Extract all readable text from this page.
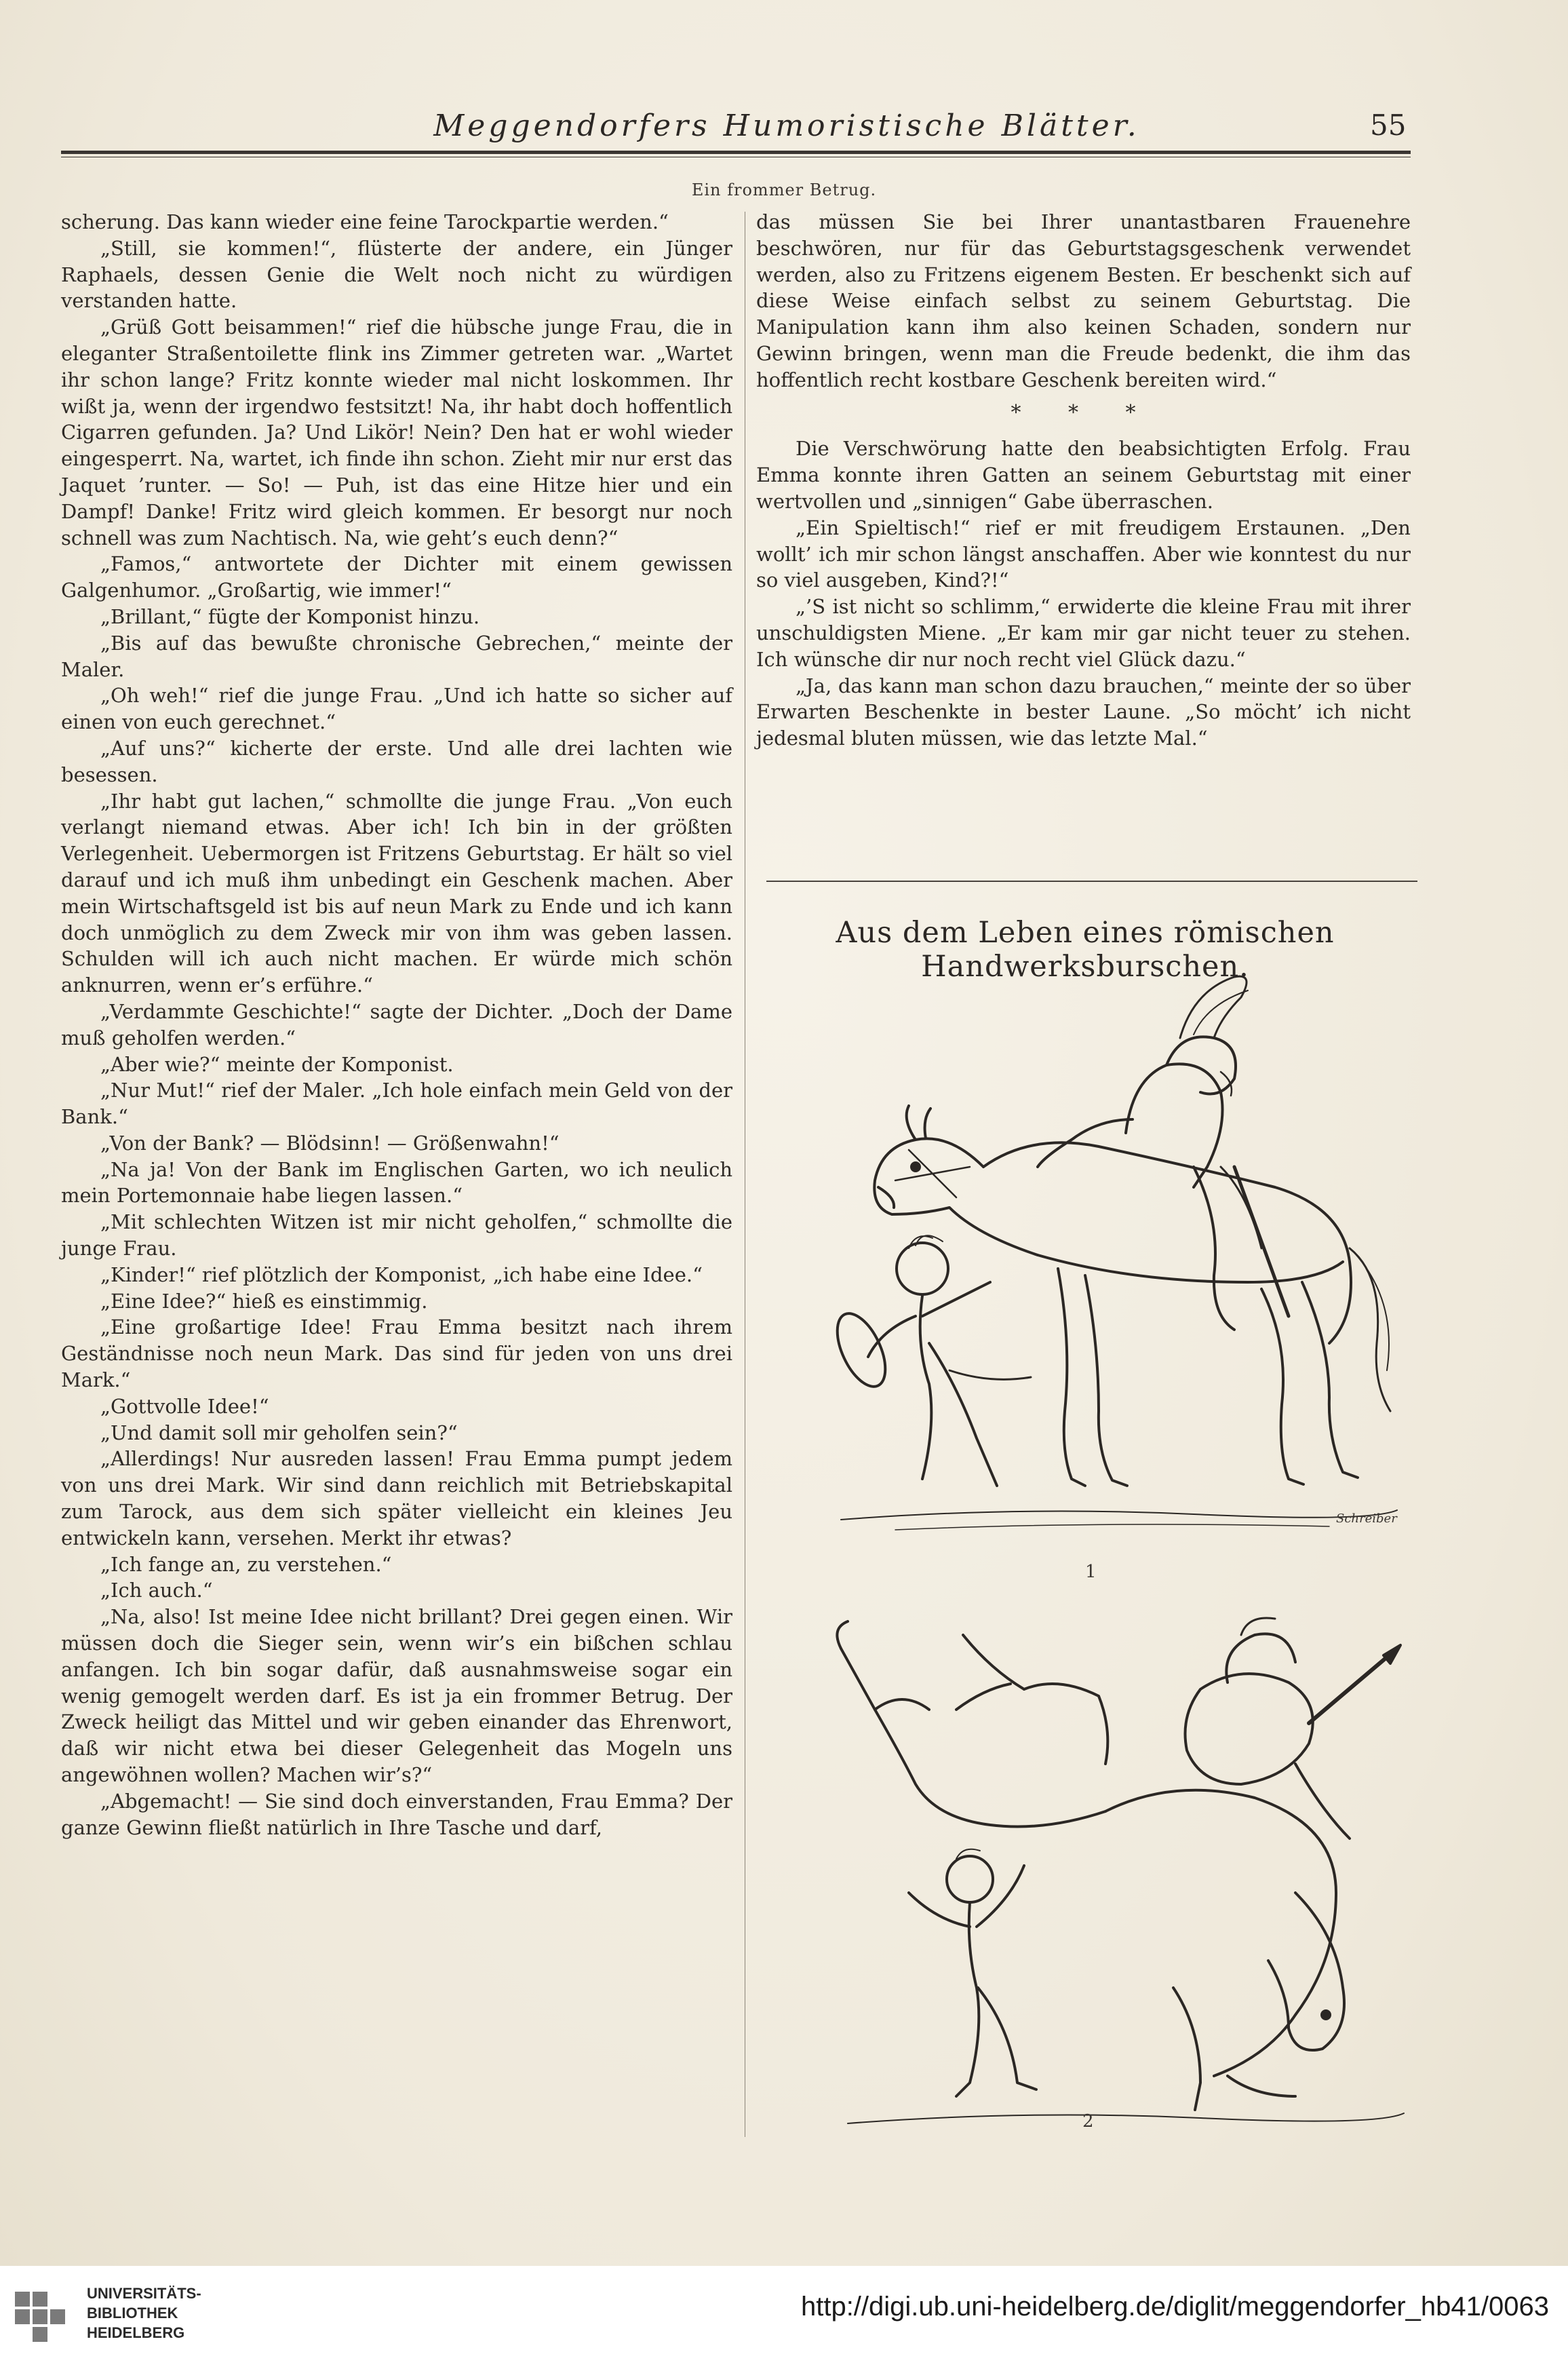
Meggendorfers Humoristische Blätter.	55
Ein frommer Betrug.

scherung. Das kann wieder eine feine Tarockpartie werden.“

„Still, sie kommen!“, flüsterte der andere, ein Jünger Raphaels, dessen Genie die Welt noch nicht zu würdigen verstanden hatte.

„Grüß Gott beisammen!“ rief die hübsche junge Frau, die in eleganter Straßentoilette flink ins Zimmer getreten war. „Wartet ihr schon lange? Fritz konnte wieder mal nicht loskommen. Ihr wißt ja, wenn der irgendwo festsitzt! Na, ihr habt doch hoffentlich Cigarren gefunden. Ja? Und Likör! Nein? Den hat er wohl wieder eingesperrt. Na, wartet, ich finde ihn schon. Zieht mir nur erst das Jaquet ’runter. — So! — Puh, ist das eine Hitze hier und ein Dampf! Danke! Fritz wird gleich kommen. Er besorgt nur noch schnell was zum Nachtisch. Na, wie geht’s euch denn?“

„Famos,“ antwortete der Dichter mit einem gewissen Galgenhumor. „Großartig, wie immer!“

„Brillant,“ fügte der Komponist hinzu.

„Bis auf das bewußte chronische Gebrechen,“ meinte der Maler.

„Oh weh!“ rief die junge Frau. „Und ich hatte so sicher auf einen von euch gerechnet.“

„Auf uns?“ kicherte der erste. Und alle drei lachten wie besessen.

„Ihr habt gut lachen,“ schmollte die junge Frau. „Von euch verlangt niemand etwas. Aber ich! Ich bin in der größten Verlegenheit. Uebermorgen ist Fritzens Geburtstag. Er hält so viel darauf und ich muß ihm unbedingt ein Geschenk machen. Aber mein Wirtschaftsgeld ist bis auf neun Mark zu Ende und ich kann doch unmöglich zu dem Zweck mir von ihm was geben lassen. Schulden will ich auch nicht machen. Er würde mich schön anknurren, wenn er’s erführe.“

„Verdammte Geschichte!“ sagte der Dichter. „Doch der Dame muß geholfen werden.“

„Aber wie?“ meinte der Komponist.

„Nur Mut!“ rief der Maler. „Ich hole einfach mein Geld von der Bank.“

„Von der Bank? — Blödsinn! — Größenwahn!“

„Na ja! Von der Bank im Englischen Garten, wo ich neulich mein Portemonnaie habe liegen lassen.“

„Mit schlechten Witzen ist mir nicht geholfen,“ schmollte die junge Frau.

„Kinder!“ rief plötzlich der Komponist, „ich habe eine Idee.“

„Eine Idee?“ hieß es einstimmig.

„Eine großartige Idee! Frau Emma besitzt nach ihrem Geständnisse noch neun Mark. Das sind für jeden von uns drei Mark.“

„Gottvolle Idee!“

„Und damit soll mir geholfen sein?“

„Allerdings! Nur ausreden lassen! Frau Emma pumpt jedem von uns drei Mark. Wir sind dann reichlich mit Betriebskapital zum Tarock, aus dem sich später vielleicht ein kleines Jeu entwickeln kann, versehen. Merkt ihr etwas?

„Ich fange an, zu verstehen.“

„Ich auch.“

„Na, also! Ist meine Idee nicht brillant? Drei gegen einen. Wir müssen doch die Sieger sein, wenn wir’s ein bißchen schlau anfangen. Ich bin sogar dafür, daß ausnahmsweise sogar ein wenig gemogelt werden darf. Es ist ja ein frommer Betrug. Der Zweck heiligt das Mittel und wir geben einander das Ehrenwort, daß wir nicht etwa bei dieser Gelegenheit das Mogeln uns angewöhnen wollen? Machen wir’s?“

„Abgemacht! — Sie sind doch einverstanden, Frau Emma? Der ganze Gewinn fließt natürlich in Ihre Tasche und darf,

das müssen Sie bei Ihrer unantastbaren Frauenehre beschwören, nur für das Geburtstagsgeschenk verwendet werden, also zu Fritzens eigenem Besten. Er beschenkt sich auf diese Weise einfach selbst zu seinem Geburtstag. Die Manipulation kann ihm also keinen Schaden, sondern nur Gewinn bringen, wenn man die Freude bedenkt, die ihm das hoffentlich recht kostbare Geschenk bereiten wird.“

* * *

Die Verschwörung hatte den beabsichtigten Erfolg. Frau Emma konnte ihren Gatten an seinem Geburtstag mit einer wertvollen und „sinnigen“ Gabe überraschen.

„Ein Spieltisch!“ rief er mit freudigem Erstaunen. „Den wollt’ ich mir schon längst anschaffen. Aber wie konntest du nur so viel ausgeben, Kind?!“

„’S ist nicht so schlimm,“ erwiderte die kleine Frau mit ihrer unschuldigsten Miene. „Er kam mir gar nicht teuer zu stehen. Ich wünsche dir nur noch recht viel Glück dazu.“

„Ja, das kann man schon dazu brauchen,“ meinte der so über Erwarten Beschenkte in bester Laune. „So möcht’ ich nicht jedesmal bluten müssen, wie das letzte Mal.“

Aus dem Leben eines römischen Handwerksburschen.
Schreiber
1
2
UNIVERSITÄTS-
BIBLIOTHEK
HEIDELBERG
http://digi.ub.uni-heidelberg.de/diglit/meggendorfer_hb41/0063
